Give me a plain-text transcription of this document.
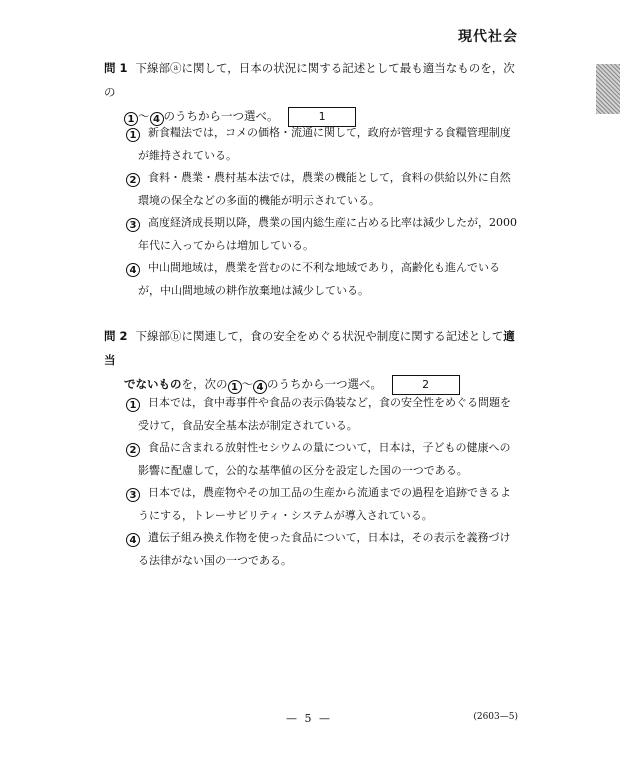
現代社会
問 1 下線部ⓐに関して，日本の状況に関する記述として最も適当なものを，次の
1 ～ 4 のうちから一つ選べ。	1
1 新食糧法では，コメの価格・流通に関して，政府が管理する食糧管理制度
が維持されている。
2 食料・農業・農村基本法では，農業の機能として，食料の供給以外に自然
環境の保全などの多面的機能が明示されている。
3 高度経済成長期以降，農業の国内総生産に占める比率は減少したが，2000
年代に入ってからは増加している。
4 中山間地域は，農業を営むのに不利な地域であり，高齢化も進んでいる
が，中山間地域の耕作放棄地は減少している。
問 2 下線部ⓑに関連して，食の安全をめぐる状況や制度に関する記述として適当
でないものを，次の 1 ～ 4 のうちから一つ選べ。	2
1 日本では，食中毒事件や食品の表示偽装など，食の安全性をめぐる問題を
受けて，食品安全基本法が制定されている。
2 食品に含まれる放射性セシウムの量について，日本は，子どもの健康への
影響に配慮して，公的な基準値の区分を設定した国の一つである。
3 日本では，農産物やその加工品の生産から流通までの過程を追跡できるよ
うにする，トレーサビリティ・システムが導入されている。
4 遺伝子組み換え作物を使った食品について，日本は，その表示を義務づけ
る法律がない国の一つである。
— 5 —	(2603—5)
